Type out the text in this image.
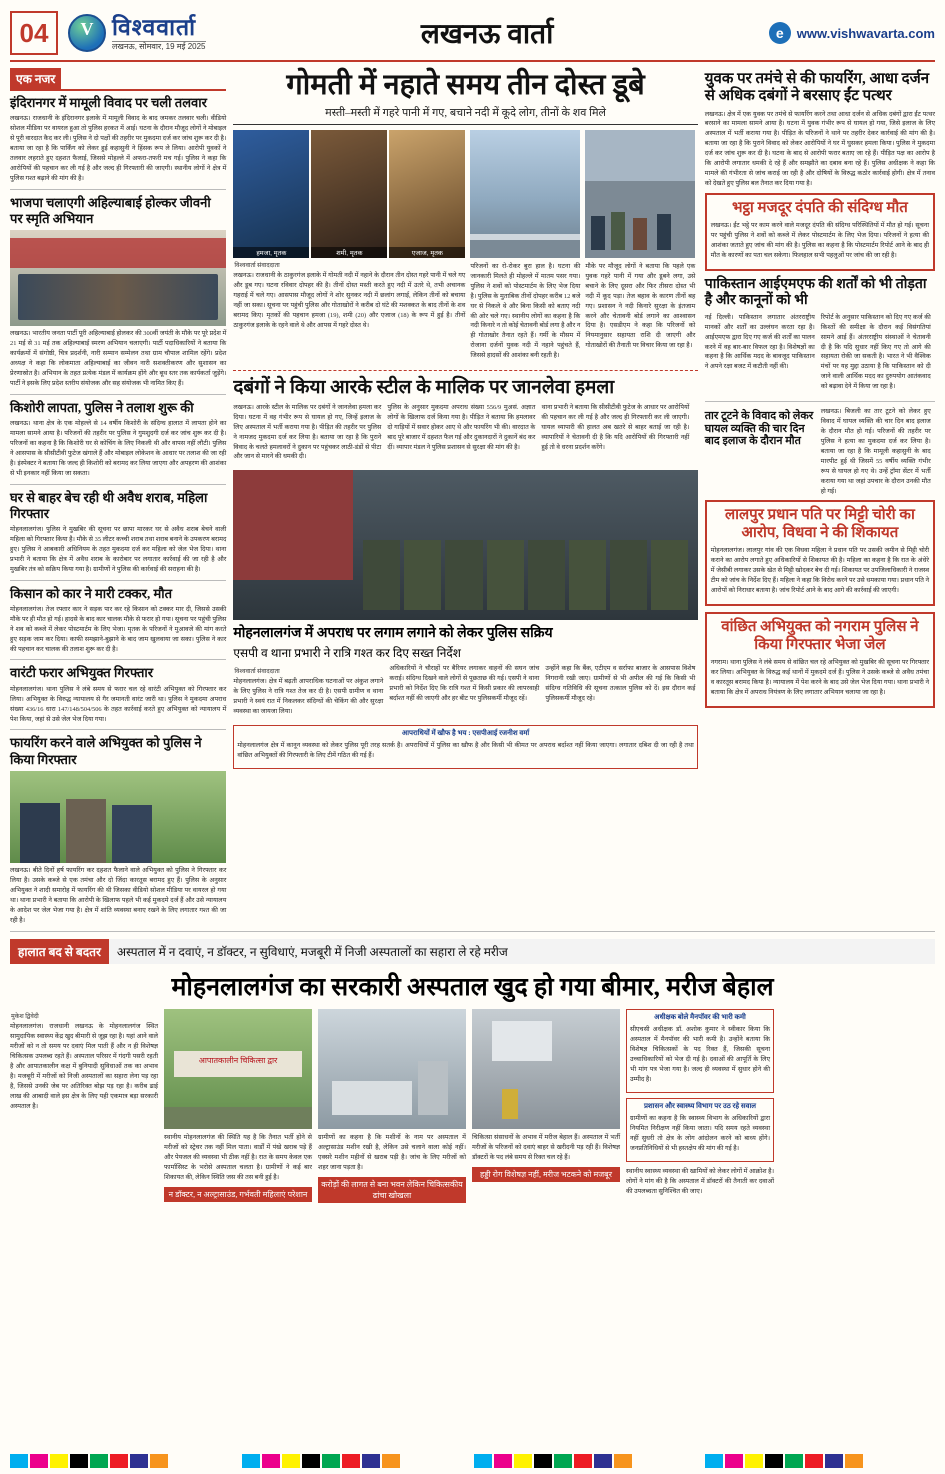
04 V	विश्ववार्ता
लखनऊ, सोमवार, 19 मई 2025	लखनऊ वार्ता	e	www.vishwavarta.com
एक नजर
इंदिरानगर में मामूली विवाद पर चली तलवार

लखनऊ। राजधानी के इंदिरानगर इलाके में मामूली विवाद के बाद जमकर तलवार चली। वीडियो सोशल मीडिया पर वायरल हुआ तो पुलिस हरकत में आई। घटना के दौरान मौजूद लोगों ने मोबाइल से पूरी वारदात कैद कर ली। पुलिस ने दो पक्षों की तहरीर पर मुकदमा दर्ज कर जांच शुरू कर दी है। बताया जा रहा है कि पार्किंग को लेकर हुई कहासुनी ने हिंसक रूप ले लिया। आरोपी युवकों ने तलवार लहराते हुए दहशत फैलाई, जिससे मोहल्ले में अफरा-तफरी मच गई। पुलिस ने कहा कि आरोपियों की पहचान कर ली गई है और जल्द ही गिरफ्तारी की जाएगी। स्थानीय लोगों ने क्षेत्र में पुलिस गश्त बढ़ाने की मांग की है।

भाजपा चलाएगी अहिल्याबाई होल्कर जीवनी पर स्मृति अभियान

लखनऊ। भारतीय जनता पार्टी पूरी अहिल्याबाई होलकर की 300वीं जयंती के मौके पर पूरे प्रदेश में 21 मई से 31 मई तक अहिल्याबाई स्मरण अभियान चलाएगी। पार्टी पदाधिकारियों ने बताया कि कार्यक्रमों में संगोष्ठी, चित्र प्रदर्शनी, नारी सम्मान सम्मेलन तथा ग्राम चौपाल शामिल रहेंगे। प्रदेश अध्यक्ष ने कहा कि लोकमाता अहिल्याबाई का जीवन नारी सशक्तीकरण और सुशासन का प्रेरणास्रोत है। अभियान के तहत प्रत्येक मंडल में कार्यक्रम होंगे और बूथ स्तर तक कार्यकर्ता जुड़ेंगे। पार्टी ने इसके लिए प्रदेश स्तरीय संयोजक और सह संयोजक भी नामित किए हैं।

किशोरी लापता, पुलिस ने तलाश शुरू की

लखनऊ। थाना क्षेत्र के एक मोहल्ले से 14 वर्षीय किशोरी के संदिग्ध हालात में लापता होने का मामला सामने आया है। परिजनों की तहरीर पर पुलिस ने गुमशुदगी दर्ज कर जांच शुरू कर दी है। परिजनों का कहना है कि किशोरी घर से कोचिंग के लिए निकली थी और वापस नहीं लौटी। पुलिस ने आसपास के सीसीटीवी फुटेज खंगाले हैं और मोबाइल लोकेशन के आधार पर तलाश की जा रही है। इंस्पेक्टर ने बताया कि जल्द ही किशोरी को बरामद कर लिया जाएगा और अपहरण की आशंका से भी इनकार नहीं किया जा सकता।

घर से बाहर बेच रही थी अवैध शराब, महिला गिरफ्तार

मोहनलालगंज। पुलिस ने मुखबिर की सूचना पर छापा मारकर घर से अवैध शराब बेचने वाली महिला को गिरफ्तार किया है। मौके से 35 लीटर कच्ची शराब तथा शराब बनाने के उपकरण बरामद हुए। पुलिस ने आबकारी अधिनियम के तहत मुकदमा दर्ज कर महिला को जेल भेज दिया। थाना प्रभारी ने बताया कि क्षेत्र में अवैध शराब के कारोबार पर लगातार कार्रवाई की जा रही है और मुखबिर तंत्र को सक्रिय किया गया है। ग्रामीणों ने पुलिस की कार्रवाई की सराहना की है।

किसान को कार ने मारी टक्कर, मौत

मोहनलालगंज। तेज रफ्तार कार ने सड़क पार कर रहे किसान को टक्कर मार दी, जिससे उसकी मौके पर ही मौत हो गई। हादसे के बाद कार चालक मौके से फरार हो गया। सूचना पर पहुंची पुलिस ने शव को कब्जे में लेकर पोस्टमार्टम के लिए भेजा। मृतक के परिजनों ने मुआवजे की मांग करते हुए सड़क जाम कर दिया। काफी समझाने-बुझाने के बाद जाम खुलवाया जा सका। पुलिस ने कार की पहचान कर चालक की तलाश शुरू कर दी है।

वारंटी फरार अभियुक्त गिरफ्तार

मोहनलालगंज। थाना पुलिस ने लंबे समय से फरार चल रहे वारंटी अभियुक्त को गिरफ्तार कर लिया। अभियुक्त के विरुद्ध न्यायालय से गैर जमानती वारंट जारी था। पुलिस ने मुकदमा अपराध संख्या 436/16 धारा 147/148/504/506 के तहत कार्रवाई करते हुए अभियुक्त को न्यायालय में पेश किया, जहां से उसे जेल भेज दिया गया।

फायरिंग करने वाले अभियुक्त को पुलिस ने किया गिरफ्तार

लखनऊ। बीते दिनों हर्ष फायरिंग कर दहशत फैलाने वाले अभियुक्त को पुलिस ने गिरफ्तार कर लिया है। उसके कब्जे से एक तमंचा और दो जिंदा कारतूस बरामद हुए हैं। पुलिस के अनुसार अभियुक्त ने शादी समारोह में फायरिंग की थी जिसका वीडियो सोशल मीडिया पर वायरल हो गया था। थाना प्रभारी ने बताया कि आरोपी के खिलाफ पहले भी कई मुकदमे दर्ज हैं और उसे न्यायालय के आदेश पर जेल भेजा गया है। क्षेत्र में शांति व्यवस्था बनाए रखने के लिए लगातार गश्त की जा रही है।

गोमती में नहाते समय तीन दोस्त डूबे
मस्ती–मस्ती में गहरे पानी में गए, बचाने नदी में कूदे लोग, तीनों के शव मिले
हमजा, मृतक	शमी, मृतक	एजाज, मृतक
विश्ववार्ता संवाददाता

लखनऊ। राजधानी के ठाकुरगंज इलाके में गोमती नदी में नहाने के दौरान तीन दोस्त गहरे पानी में चले गए और डूब गए। घटना रविवार दोपहर की है। तीनों दोस्त मस्ती करते हुए नदी में उतरे थे, तभी अचानक गहराई में चले गए। आसपास मौजूद लोगों ने शोर सुनकर नदी में छलांग लगाई, लेकिन तीनों को बचाया नहीं जा सका। सूचना पर पहुंची पुलिस और गोताखोरों ने करीब दो घंटे की मशक्कत के बाद तीनों के शव बरामद किए। मृतकों की पहचान हमजा (19), शमी (20) और एजाज (18) के रूप में हुई है। तीनों ठाकुरगंज इलाके के रहने वाले थे और आपस में गहरे दोस्त थे।

परिजनों का रो-रोकर बुरा हाल है। घटना की जानकारी मिलते ही मोहल्ले में मातम पसर गया। पुलिस ने शवों को पोस्टमार्टम के लिए भेज दिया है। पुलिस के मुताबिक तीनों दोपहर करीब 12 बजे घर से निकले थे और बिना किसी को बताए नदी की ओर चले गए। स्थानीय लोगों का कहना है कि नदी किनारे न तो कोई चेतावनी बोर्ड लगा है और न ही गोताखोर तैनात रहते हैं। गर्मी के मौसम में रोजाना दर्जनों युवक नदी में नहाने पहुंचते हैं, जिससे हादसों की आशंका बनी रहती है।

मौके पर मौजूद लोगों ने बताया कि पहले एक युवक गहरे पानी में गया और डूबने लगा, उसे बचाने के लिए दूसरा और फिर तीसरा दोस्त भी नदी में कूद पड़ा। तेज बहाव के कारण तीनों बह गए। प्रशासन ने नदी किनारे सुरक्षा के इंतजाम करने और चेतावनी बोर्ड लगाने का आश्वासन दिया है। एसडीएम ने कहा कि परिजनों को नियमानुसार सहायता राशि दी जाएगी और गोताखोरों की तैनाती पर विचार किया जा रहा है।

दबंगों ने किया आरके स्टील के मालिक पर जानलेवा हमला

लखनऊ। आरके स्टील के मालिक पर दबंगों ने जानलेवा हमला कर दिया। घटना में वह गंभीर रूप से घायल हो गए, जिन्हें इलाज के लिए अस्पताल में भर्ती कराया गया है। पीड़ित की तहरीर पर पुलिस ने नामजद मुकदमा दर्ज कर लिया है। बताया जा रहा है कि पुराने विवाद के चलते हमलावरों ने दुकान पर पहुंचकर लाठी-डंडों से पीटा और जान से मारने की धमकी दी।

पुलिस के अनुसार मुकदमा अपराध संख्या 556/9 मुअसं. अज्ञात लोगों के खिलाफ दर्ज किया गया है। पीड़ित ने बताया कि हमलावर दो गाड़ियों में सवार होकर आए थे और फायरिंग भी की। वारदात के बाद पूरे बाजार में दहशत फैल गई और दुकानदारों ने दुकानें बंद कर दीं। व्यापार मंडल ने पुलिस प्रशासन से सुरक्षा की मांग की है।

थाना प्रभारी ने बताया कि सीसीटीवी फुटेज के आधार पर आरोपियों की पहचान कर ली गई है और जल्द ही गिरफ्तारी कर ली जाएगी। घायल व्यापारी की हालत अब खतरे से बाहर बताई जा रही है। व्यापारियों ने चेतावनी दी है कि यदि आरोपियों की गिरफ्तारी नहीं हुई तो वे धरना प्रदर्शन करेंगे।

मोहनलालगंज में अपराध पर लगाम लगाने को लेकर पुलिस सक्रिय
एसपी व थाना प्रभारी ने रात्रि गश्त कर दिए सख्त निर्देश
विश्ववार्ता संवाददाता

मोहनलालगंज। क्षेत्र में बढ़ती आपराधिक घटनाओं पर अंकुश लगाने के लिए पुलिस ने रात्रि गश्त तेज कर दी है। एसपी ग्रामीण व थाना प्रभारी ने स्वयं रात में निकलकर संदिग्धों की चेकिंग की और सुरक्षा व्यवस्था का जायजा लिया।

अधिकारियों ने चौराहों पर बैरियर लगाकर वाहनों की सघन जांच कराई। संदिग्ध दिखने वाले लोगों से पूछताछ की गई। एसपी ने थाना प्रभारी को निर्देश दिए कि रात्रि गश्त में किसी प्रकार की लापरवाही बर्दाश्त नहीं की जाएगी और हर बीट पर पुलिसकर्मी मौजूद रहें।

उन्होंने कहा कि बैंक, एटीएम व सर्राफा बाजार के आसपास विशेष निगरानी रखी जाए। ग्रामीणों से भी अपील की गई कि किसी भी संदिग्ध गतिविधि की सूचना तत्काल पुलिस को दें। इस दौरान कई पुलिसकर्मी मौजूद रहे।

आपराधियों में खौफ है भय : एसपीआई रजनीश वर्मा

मोहनलालगंज क्षेत्र में कानून व्यवस्था को लेकर पुलिस पूरी तरह सतर्क है। अपराधियों में पुलिस का खौफ है और किसी भी कीमत पर अपराध बर्दाश्त नहीं किया जाएगा। लगातार दबिश दी जा रही है तथा वांछित अभियुक्तों की गिरफ्तारी के लिए टीमें गठित की गई हैं।

युवक पर तमंचे से की फायरिंग, आधा दर्जन से अधिक दबंगों ने बरसाए ईंट पत्थर

लखनऊ। क्षेत्र में एक युवक पर तमंचे से फायरिंग करने तथा आधा दर्जन से अधिक दबंगों द्वारा ईंट पत्थर बरसाने का मामला सामने आया है। घटना में युवक गंभीर रूप से घायल हो गया, जिसे इलाज के लिए अस्पताल में भर्ती कराया गया है। पीड़ित के परिजनों ने थाने पर तहरीर देकर कार्रवाई की मांग की है। बताया जा रहा है कि पुराने विवाद को लेकर आरोपियों ने घर में घुसकर हमला किया। पुलिस ने मुकदमा दर्ज कर जांच शुरू कर दी है। घटना के बाद से आरोपी फरार बताए जा रहे हैं। पीड़ित पक्ष का आरोप है कि आरोपी लगातार धमकी दे रहे हैं और समझौते का दबाव बना रहे हैं। पुलिस अधीक्षक ने कहा कि मामले की गंभीरता से जांच कराई जा रही है और दोषियों के विरुद्ध कठोर कार्रवाई होगी। क्षेत्र में तनाव को देखते हुए पुलिस बल तैनात कर दिया गया है।

भट्ठा मजदूर दंपति की संदिग्ध मौत

लखनऊ। ईंट भट्ठे पर काम करने वाले मजदूर दंपति की संदिग्ध परिस्थितियों में मौत हो गई। सूचना पर पहुंची पुलिस ने शवों को कब्जे में लेकर पोस्टमार्टम के लिए भेज दिया। परिजनों ने हत्या की आशंका जताते हुए जांच की मांग की है। पुलिस का कहना है कि पोस्टमार्टम रिपोर्ट आने के बाद ही मौत के कारणों का पता चल सकेगा। फिलहाल सभी पहलुओं पर जांच की जा रही है।

पाकिस्तान आईएमएफ की शर्तों को भी तोड़ता है और कानूनों को भी

नई दिल्ली। पाकिस्तान लगातार अंतरराष्ट्रीय मानकों और शर्तों का उल्लंघन करता रहा है। आईएमएफ द्वारा दिए गए कर्ज की शर्तों का पालन करने में वह बार-बार विफल रहा है। विशेषज्ञों का कहना है कि आर्थिक मदद के बावजूद पाकिस्तान ने अपने रक्षा बजट में कटौती नहीं की।

रिपोर्ट के अनुसार पाकिस्तान को दिए गए कर्ज की किश्तों की समीक्षा के दौरान कई विसंगतियां सामने आई हैं। अंतरराष्ट्रीय संस्थाओं ने चेतावनी दी है कि यदि सुधार नहीं किए गए तो आगे की सहायता रोकी जा सकती है। भारत ने भी वैश्विक मंचों पर यह मुद्दा उठाया है कि पाकिस्तान को दी जाने वाली आर्थिक मदद का दुरुपयोग आतंकवाद को बढ़ावा देने में किया जा रहा है।

तार टूटने के विवाद को लेकर घायल व्यक्ति की चार दिन बाद इलाज के दौरान मौत

लखनऊ। बिजली का तार टूटने को लेकर हुए विवाद में घायल व्यक्ति की चार दिन बाद इलाज के दौरान मौत हो गई। परिजनों की तहरीर पर पुलिस ने हत्या का मुकदमा दर्ज कर लिया है। बताया जा रहा है कि मामूली कहासुनी के बाद मारपीट हुई थी जिसमें 55 वर्षीय व्यक्ति गंभीर रूप से घायल हो गए थे। उन्हें ट्रॉमा सेंटर में भर्ती कराया गया था जहां उपचार के दौरान उनकी मौत हो गई।

लालपुर प्रधान पति पर मिट्टी चोरी का आरोप, विधवा ने की शिकायत

मोहनलालगंज। लालपुर गांव की एक विधवा महिला ने प्रधान पति पर उसकी जमीन से मिट्टी चोरी कराने का आरोप लगाते हुए अधिकारियों से शिकायत की है। महिला का कहना है कि रात के अंधेरे में जेसीबी लगाकर उसके खेत से मिट्टी खोदकर बेच दी गई। शिकायत पर उपजिलाधिकारी ने राजस्व टीम को जांच के निर्देश दिए हैं। महिला ने कहा कि विरोध करने पर उसे धमकाया गया। प्रधान पति ने आरोपों को निराधार बताया है। जांच रिपोर्ट आने के बाद आगे की कार्रवाई की जाएगी।

वांछित अभियुक्त को नगराम पुलिस ने किया गिरफ्तार भेजा जेल

नगराम। थाना पुलिस ने लंबे समय से वांछित चल रहे अभियुक्त को मुखबिर की सूचना पर गिरफ्तार कर लिया। अभियुक्त के विरुद्ध कई थानों में मुकदमे दर्ज हैं। पुलिस ने उसके कब्जे से अवैध तमंचा व कारतूस बरामद किया है। न्यायालय में पेश करने के बाद उसे जेल भेज दिया गया। थाना प्रभारी ने बताया कि क्षेत्र में अपराध नियंत्रण के लिए लगातार अभियान चलाया जा रहा है।

हालात बद से बदतर	अस्पताल में न दवाएं, न डॉक्टर, न सुविधाएं, मजबूरी में निजी अस्पतालों का सहारा ले रहे मरीज
मोहनलालगंज का सरकारी अस्पताल खुद हो गया बीमार, मरीज बेहाल
मुकेश द्विवेदी

मोहनलालगंज। राजधानी लखनऊ के मोहनलालगंज स्थित सामुदायिक स्वास्थ्य केंद्र खुद बीमारी से जूझ रहा है। यहां आने वाले मरीजों को न तो समय पर दवाएं मिल पाती हैं और न ही विशेषज्ञ चिकित्सक उपलब्ध रहते हैं। अस्पताल परिसर में गंदगी पसरी रहती है और आपातकालीन कक्ष में बुनियादी सुविधाओं तक का अभाव है। मजबूरी में मरीजों को निजी अस्पतालों का सहारा लेना पड़ रहा है, जिससे उनकी जेब पर अतिरिक्त बोझ पड़ रहा है। करीब ढाई लाख की आबादी वाले इस क्षेत्र के लिए यही एकमात्र बड़ा सरकारी अस्पताल है।

आपातकालीन चिकित्सा द्वार

स्थानीय मोहनलालगंज की स्थिति यह है कि तैनात भर्ती होने से मरीजों को स्ट्रेचर तक नहीं मिल पाता। वार्डों में पंखे खराब पड़े हैं और पेयजल की व्यवस्था भी ठीक नहीं है। रात के समय केवल एक फार्मासिस्ट के भरोसे अस्पताल चलता है। ग्रामीणों ने कई बार शिकायत की, लेकिन स्थिति जस की तस बनी हुई है।

न डॉक्टर, न अल्ट्रासाउंड, गर्भवती महिलाएं परेशान

ग्रामीणों का कहना है कि मशीनों के नाम पर अस्पताल में अल्ट्रासाउंड मशीन रखी है, लेकिन उसे चलाने वाला कोई नहीं। एक्सरे मशीन महीनों से खराब पड़ी है। जांच के लिए मरीजों को शहर जाना पड़ता है।

करोड़ों की लागत से बना भवन लेकिन चिकित्सकीय ढांचा खोखला

चिकित्सा संसाधनों के अभाव में मरीज बेहाल हैं। अस्पताल में भर्ती मरीजों के परिजनों को दवाएं बाहर से खरीदनी पड़ रही हैं। विशेषज्ञ डॉक्टरों के पद लंबे समय से रिक्त चल रहे हैं।

हड्डी रोग विशेषज्ञ नहीं, मरीज भटकने को मजबूर
अधीक्षक बोले मैनपॉवर की भारी कमी

सीएचसी अधीक्षक डॉ. अशोक कुमार ने स्वीकार किया कि अस्पताल में मैनपॉवर की भारी कमी है। उन्होंने बताया कि विशेषज्ञ चिकित्सकों के पद रिक्त हैं, जिसकी सूचना उच्चाधिकारियों को भेज दी गई है। दवाओं की आपूर्ति के लिए भी मांग पत्र भेजा गया है। जल्द ही व्यवस्था में सुधार होने की उम्मीद है।

प्रशासन और स्वास्थ्य विभाग पर उठ रहे सवाल

ग्रामीणों का कहना है कि स्वास्थ्य विभाग के अधिकारियों द्वारा नियमित निरीक्षण नहीं किया जाता। यदि समय रहते व्यवस्था नहीं सुधरी तो क्षेत्र के लोग आंदोलन करने को बाध्य होंगे। जनप्रतिनिधियों से भी हस्तक्षेप की मांग की गई है।

स्थानीय स्वास्थ्य व्यवस्था की खामियों को लेकर लोगों में आक्रोश है। लोगों ने मांग की है कि अस्पताल में डॉक्टरों की तैनाती कर दवाओं की उपलब्धता सुनिश्चित की जाए।
